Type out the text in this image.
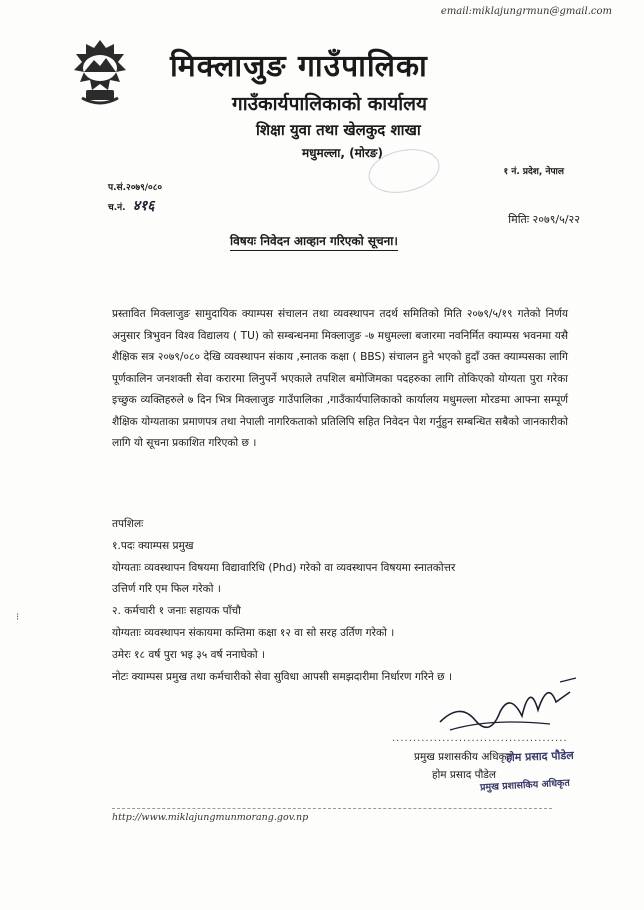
email:miklajungrmun@gmail.com
मिक्लाजुङ गाउँपालिका
गाउँकार्यपालिकाको कार्यालय
शिक्षा युवा तथा खेलकुद शाखा
मधुमल्ला, (मोरङ)
१ नं. प्रदेश, नेपाल
प.सं.२०७९/०८०
च.नं. ४१६
मितिः २०७९/५/२२
विषयः निवेदन आव्हान गरिएको सूचना।
प्रस्तावित मिक्लाजुङ सामुदायिक क्याम्पस संचालन तथा व्यवस्थापन तदर्थ समितिको मिति २०७९/५/१९ गतेको निर्णय अनुसार त्रिभुवन विश्व विद्यालय ( TU) को सम्बन्धनमा मिक्लाजुङ -७ मधुमल्ला बजारमा नवनिर्मित क्याम्पस भवनमा यसै शैक्षिक सत्र २०७९/०८० देखि व्यवस्थापन संकाय ,स्नातक कक्षा ( BBS) संचालन हुने भएको हुदाँ उक्त क्याम्पसका लागि पूर्णकालिन जनशक्ती सेवा करारमा लिनुपर्ने भएकाले तपशिल बमोजिमका पदहरुका लागि तोकिएको योग्यता पुरा गरेका इच्छुक व्यक्तिहरुले ७ दिन भित्र मिक्लाजुङ गाउँपालिका ,गाउँकार्यपालिकाको कार्यालय मधुमल्ला मोरङमा आफ्ना सम्पूर्ण शैक्षिक योग्यताका प्रमाणपत्र तथा नेपाली नागरिकताको प्रतिलिपि सहित निवेदन पेश गर्नुहुन सम्बन्धित सबैको जानकारीको लागि यो सूचना प्रकाशित गरिएको छ ।
तपशिलः
१.पदः क्याम्पस प्रमुख
योग्यताः व्यवस्थापन विषयमा विद्यावारिधि (Phd) गरेको वा व्यवस्थापन विषयमा स्नातकोत्तर
उत्तिर्ण गरि एम फिल गरेको ।
२. कर्मचारी १ जनाः सहायक पाँचौ
योग्यताः व्यवस्थापन संकायमा कम्तिमा कक्षा १२ वा सो सरह उर्तिण गरेको ।
उमेरः १८ वर्ष पुरा भइ ३५ वर्ष ननाघेको ।
नोटः क्याम्पस प्रमुख तथा कर्मचारीको सेवा सुविधा आपसी समझदारीमा निर्धारण गरिने छ ।
..........................................
प्रमुख प्रशासकीय अधिकृत
होम प्रसाद पौडेल
होम प्रसाद पौडेल
प्रमुख प्रशासकिय अधिकृत
http://www.miklajungmunmorang.gov.np
⁝
